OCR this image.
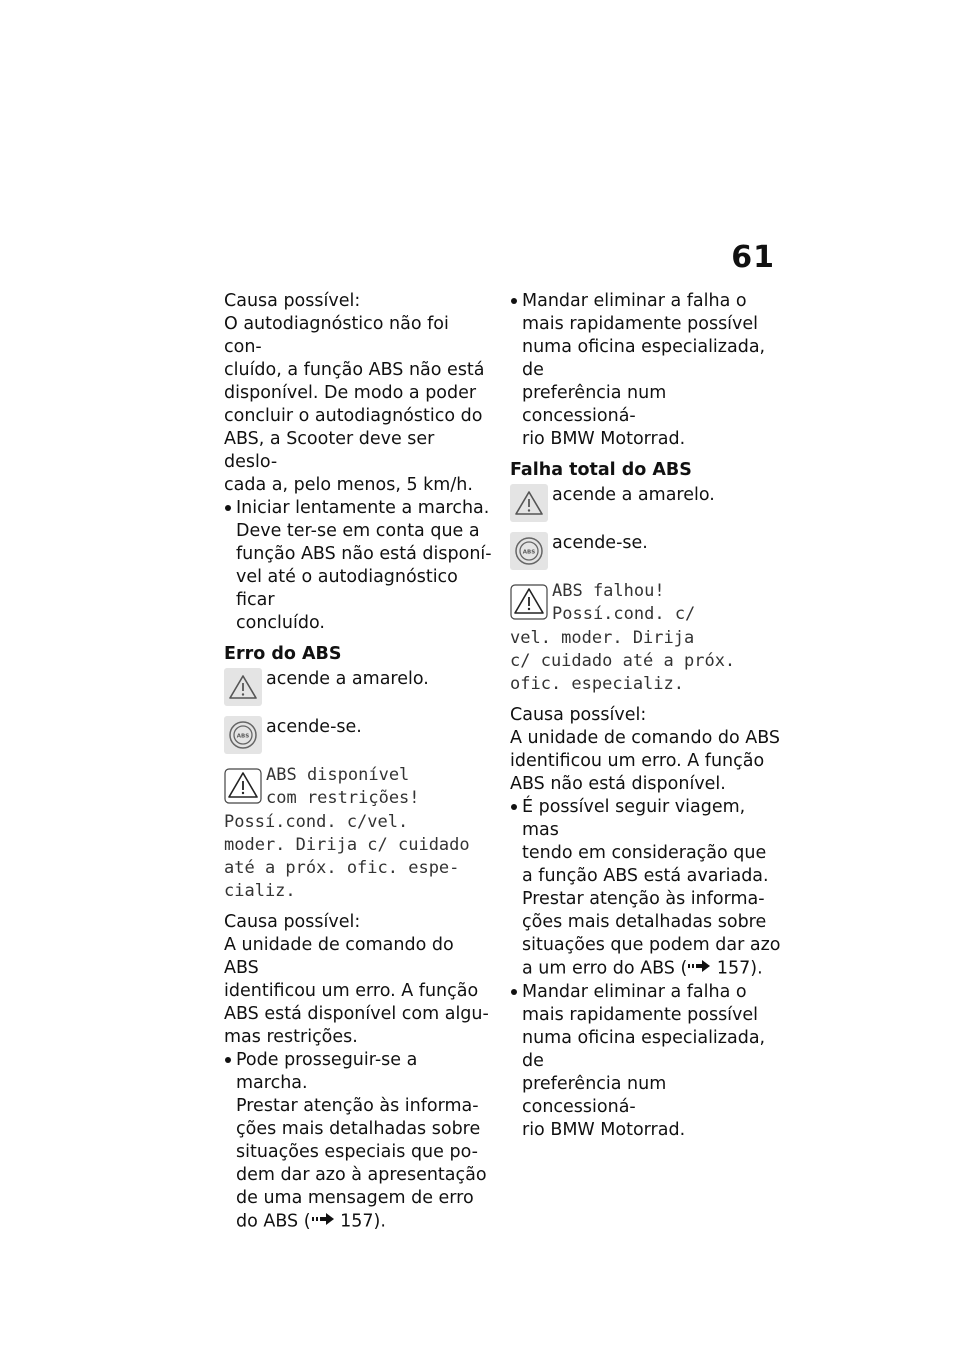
61

Causa possível:

O autodiagnóstico não foi con-
cluído, a função ABS não está
disponível. De modo a poder
concluir o autodiagnóstico do
ABS, a Scooter deve ser deslo-
cada a, pelo menos, 5 km/h.

Iniciar lentamente a marcha.
Deve ter-se em conta que a
função ABS não está disponí-
vel até o autodiagnóstico ficar
concluído.

Erro do ABS

acende a amarelo.
ABS acende-se.
ABS disponível
com restrições!
Possí.cond. c/vel.
moder. Dirija c/ cuidado
até a próx. ofic. espe-
cializ.

Causa possível:

A unidade de comando do ABS
identificou um erro. A função
ABS está disponível com algu-
mas restrições.

Pode prosseguir-se a marcha.
Prestar atenção às informa-
ções mais detalhadas sobre
situações especiais que po-
dem dar azo à apresentação
de uma mensagem de erro
do ABS ( 157).
Mandar eliminar a falha o
mais rapidamente possível
numa oficina especializada, de
preferência num concessioná-
rio BMW Motorrad.

Falha total do ABS

acende a amarelo.
ABS acende-se.
ABS falhou!
Possí.cond. c/
vel. moder. Dirija
c/ cuidado até a próx.
ofic. especializ.

Causa possível:

A unidade de comando do ABS
identificou um erro. A função
ABS não está disponível.

É possível seguir viagem, mas
tendo em consideração que
a função ABS está avariada.
Prestar atenção às informa-
ções mais detalhadas sobre
situações que podem dar azo
a um erro do ABS ( 157).
Mandar eliminar a falha o
mais rapidamente possível
numa oficina especializada, de
preferência num concessioná-
rio BMW Motorrad.
